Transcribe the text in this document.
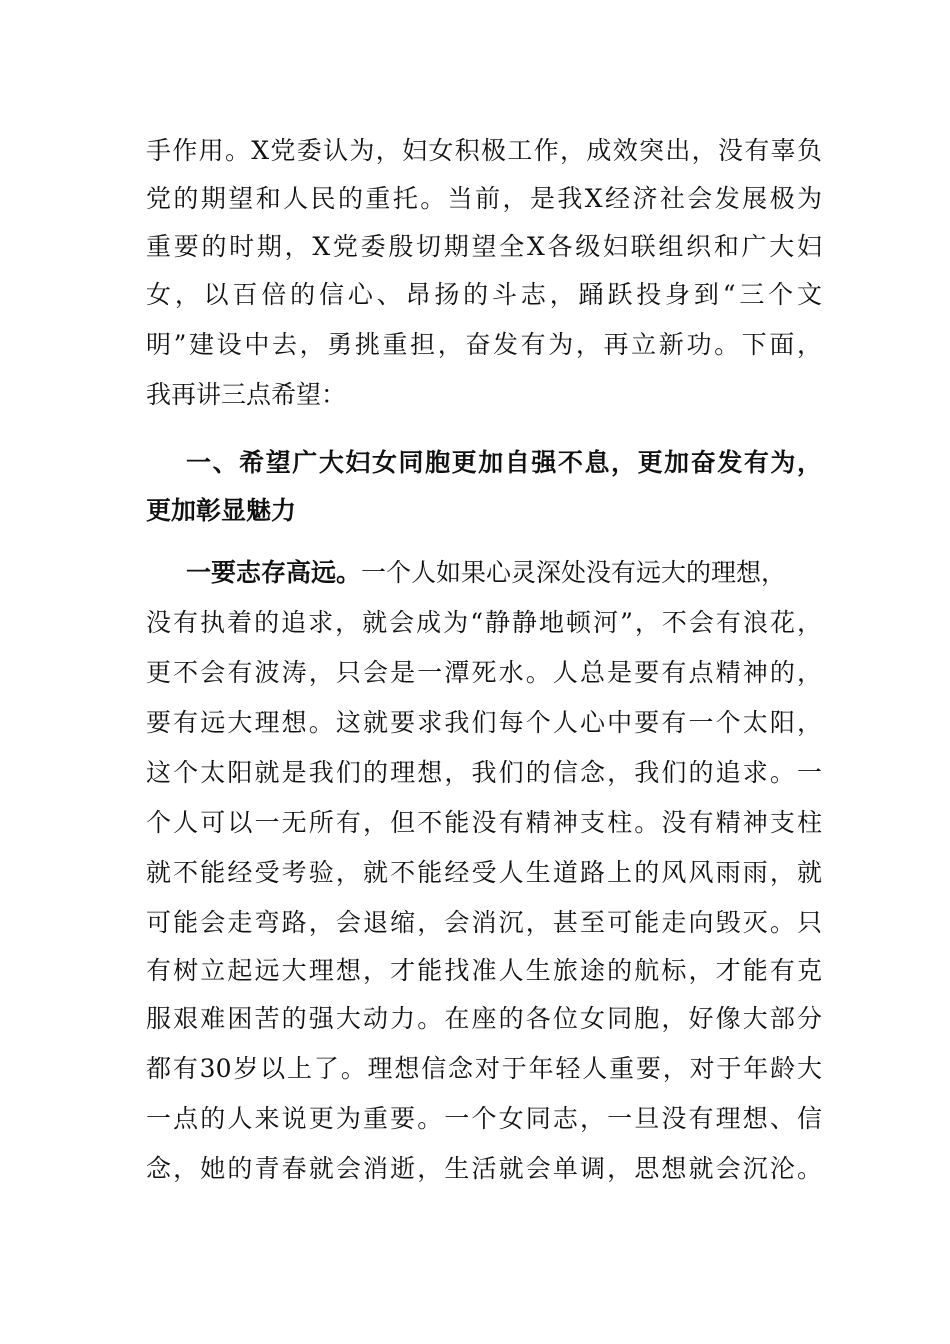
手作用。X党委认为，妇女积极工作，成效突出，没有辜负
党的期望和人民的重托。当前，是我X经济社会发展极为
重要的时期，X党委殷切期望全X各级妇联组织和广大妇
女，以百倍的信心、昂扬的斗志，踊跃投身到“三个文
明”建设中去，勇挑重担，奋发有为，再立新功。下面，
我再讲三点希望：
一、希望广大妇女同胞更加自强不息，更加奋发有为，
更加彰显魅力
一要志存高远。一个人如果心灵深处没有远大的理想，
没有执着的追求，就会成为“静静地顿河”，不会有浪花，
更不会有波涛，只会是一潭死水。人总是要有点精神的，
要有远大理想。这就要求我们每个人心中要有一个太阳，
这个太阳就是我们的理想，我们的信念，我们的追求。一
个人可以一无所有，但不能没有精神支柱。没有精神支柱
就不能经受考验，就不能经受人生道路上的风风雨雨，就
可能会走弯路，会退缩，会消沉，甚至可能走向毁灭。只
有树立起远大理想，才能找准人生旅途的航标，才能有克
服艰难困苦的强大动力。在座的各位女同胞，好像大部分
都有30岁以上了。理想信念对于年轻人重要，对于年龄大
一点的人来说更为重要。一个女同志，一旦没有理想、信
念，她的青春就会消逝，生活就会单调，思想就会沉沦。
